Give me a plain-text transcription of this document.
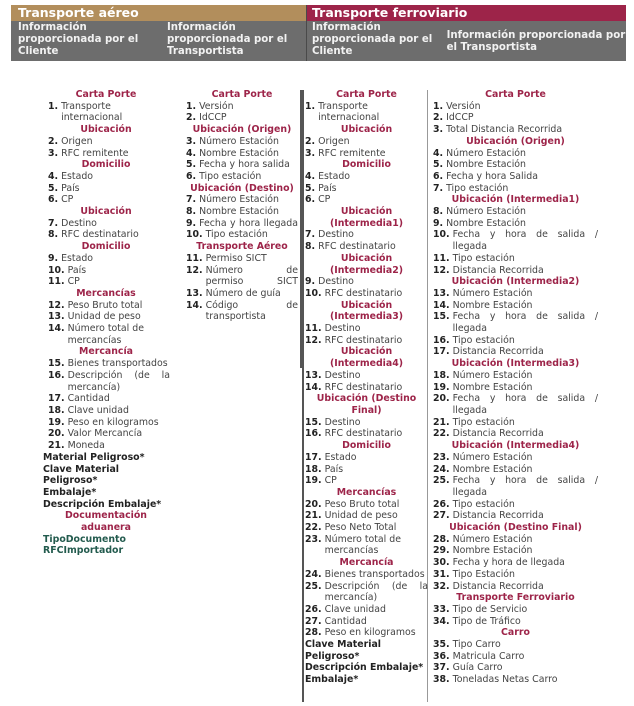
Transporte aéreo
Información proporcionada por el Cliente
Información proporcionada por el Transportista
Transporte ferroviario
Información proporcionada por el Cliente
Información proporcionada por el Transportista
Carta Porte
1. Transporte internacional
Ubicación
2. Origen
3. RFC remitente
Domicilio
4. Estado
5. País
6. CP
Ubicación
7. Destino
8. RFC destinatario
Domicilio
9. Estado
10. País
11. CP
Mercancías
12. Peso Bruto total
13. Unidad de peso
14. Número total de mercancías
Mercancía
15. Bienes transportados
16. Descripción (de la mercancía)
17. Cantidad
18. Clave unidad
19. Peso en kilogramos
20. Valor Mercancía
21. Moneda
Material Peligroso*
Clave Material Peligroso*
Embalaje*
Descripción Embalaje*
Documentación aduanera
TipoDocumento
RFCImportador
Carta Porte
1. Versión
2. IdCCP
Ubicación (Origen)
3. Número Estación
4. Nombre Estación
5. Fecha y hora salida
6. Tipo estación
Ubicación (Destino)
7. Número Estación
8. Nombre Estación
9. Fecha y hora llegada
10. Tipo estación
Transporte Aéreo
11. Permiso SICT
12. Número de permiso SICT
13. Número de guía
14. Código de transportista
Carta Porte
1. Transporte internacional
Ubicación
2. Origen
3. RFC remitente
Domicilio
4. Estado
5. País
6. CP
Ubicación (Intermedia1)
7. Destino
8. RFC destinatario
Ubicación (Intermedia2)
9. Destino
10. RFC destinatario
Ubicación (Intermedia3)
11. Destino
12. RFC destinatario
Ubicación (Intermedia4)
13. Destino
14. RFC destinatario
Ubicación (Destino Final)
15. Destino
16. RFC destinatario
Domicilio
17. Estado
18. País
19. CP
Mercancías
20. Peso Bruto total
21. Unidad de peso
22. Peso Neto Total
23. Número total de mercancías
Mercancía
24. Bienes transportados
25. Descripción (de la mercancía)
26. Clave unidad
27. Cantidad
28. Peso en kilogramos
Clave Material Peligroso*
Descripción Embalaje*
Embalaje*
Carta Porte
1. Versión
2. IdCCP
3. Total Distancia Recorrida
Ubicación (Origen)
4. Número Estación
5. Nombre Estación
6. Fecha y hora Salida
7. Tipo estación
Ubicación (Intermedia1)
8. Número Estación
9. Nombre Estación
10. Fecha y hora de salida / llegada
11. Tipo estación
12. Distancia Recorrida
Ubicación (Intermedia2)
13. Número Estación
14. Nombre Estación
15. Fecha y hora de salida / llegada
16. Tipo estación
17. Distancia Recorrida
Ubicación (Intermedia3)
18. Número Estación
19. Nombre Estación
20. Fecha y hora de salida / llegada
21. Tipo estación
22. Distancia Recorrida
Ubicación (Intermedia4)
23. Número Estación
24. Nombre Estación
25. Fecha y hora de salida / llegada
26. Tipo estación
27. Distancia Recorrida
Ubicación (Destino Final)
28. Número Estación
29. Nombre Estación
30. Fecha y hora de llegada
31. Tipo Estación
32. Distancia Recorrida
Transporte Ferroviario
33. Tipo de Servicio
34. Tipo de Tráfico
Carro
35. Tipo Carro
36. Matricula Carro
37. Guía Carro
38. Toneladas Netas Carro
